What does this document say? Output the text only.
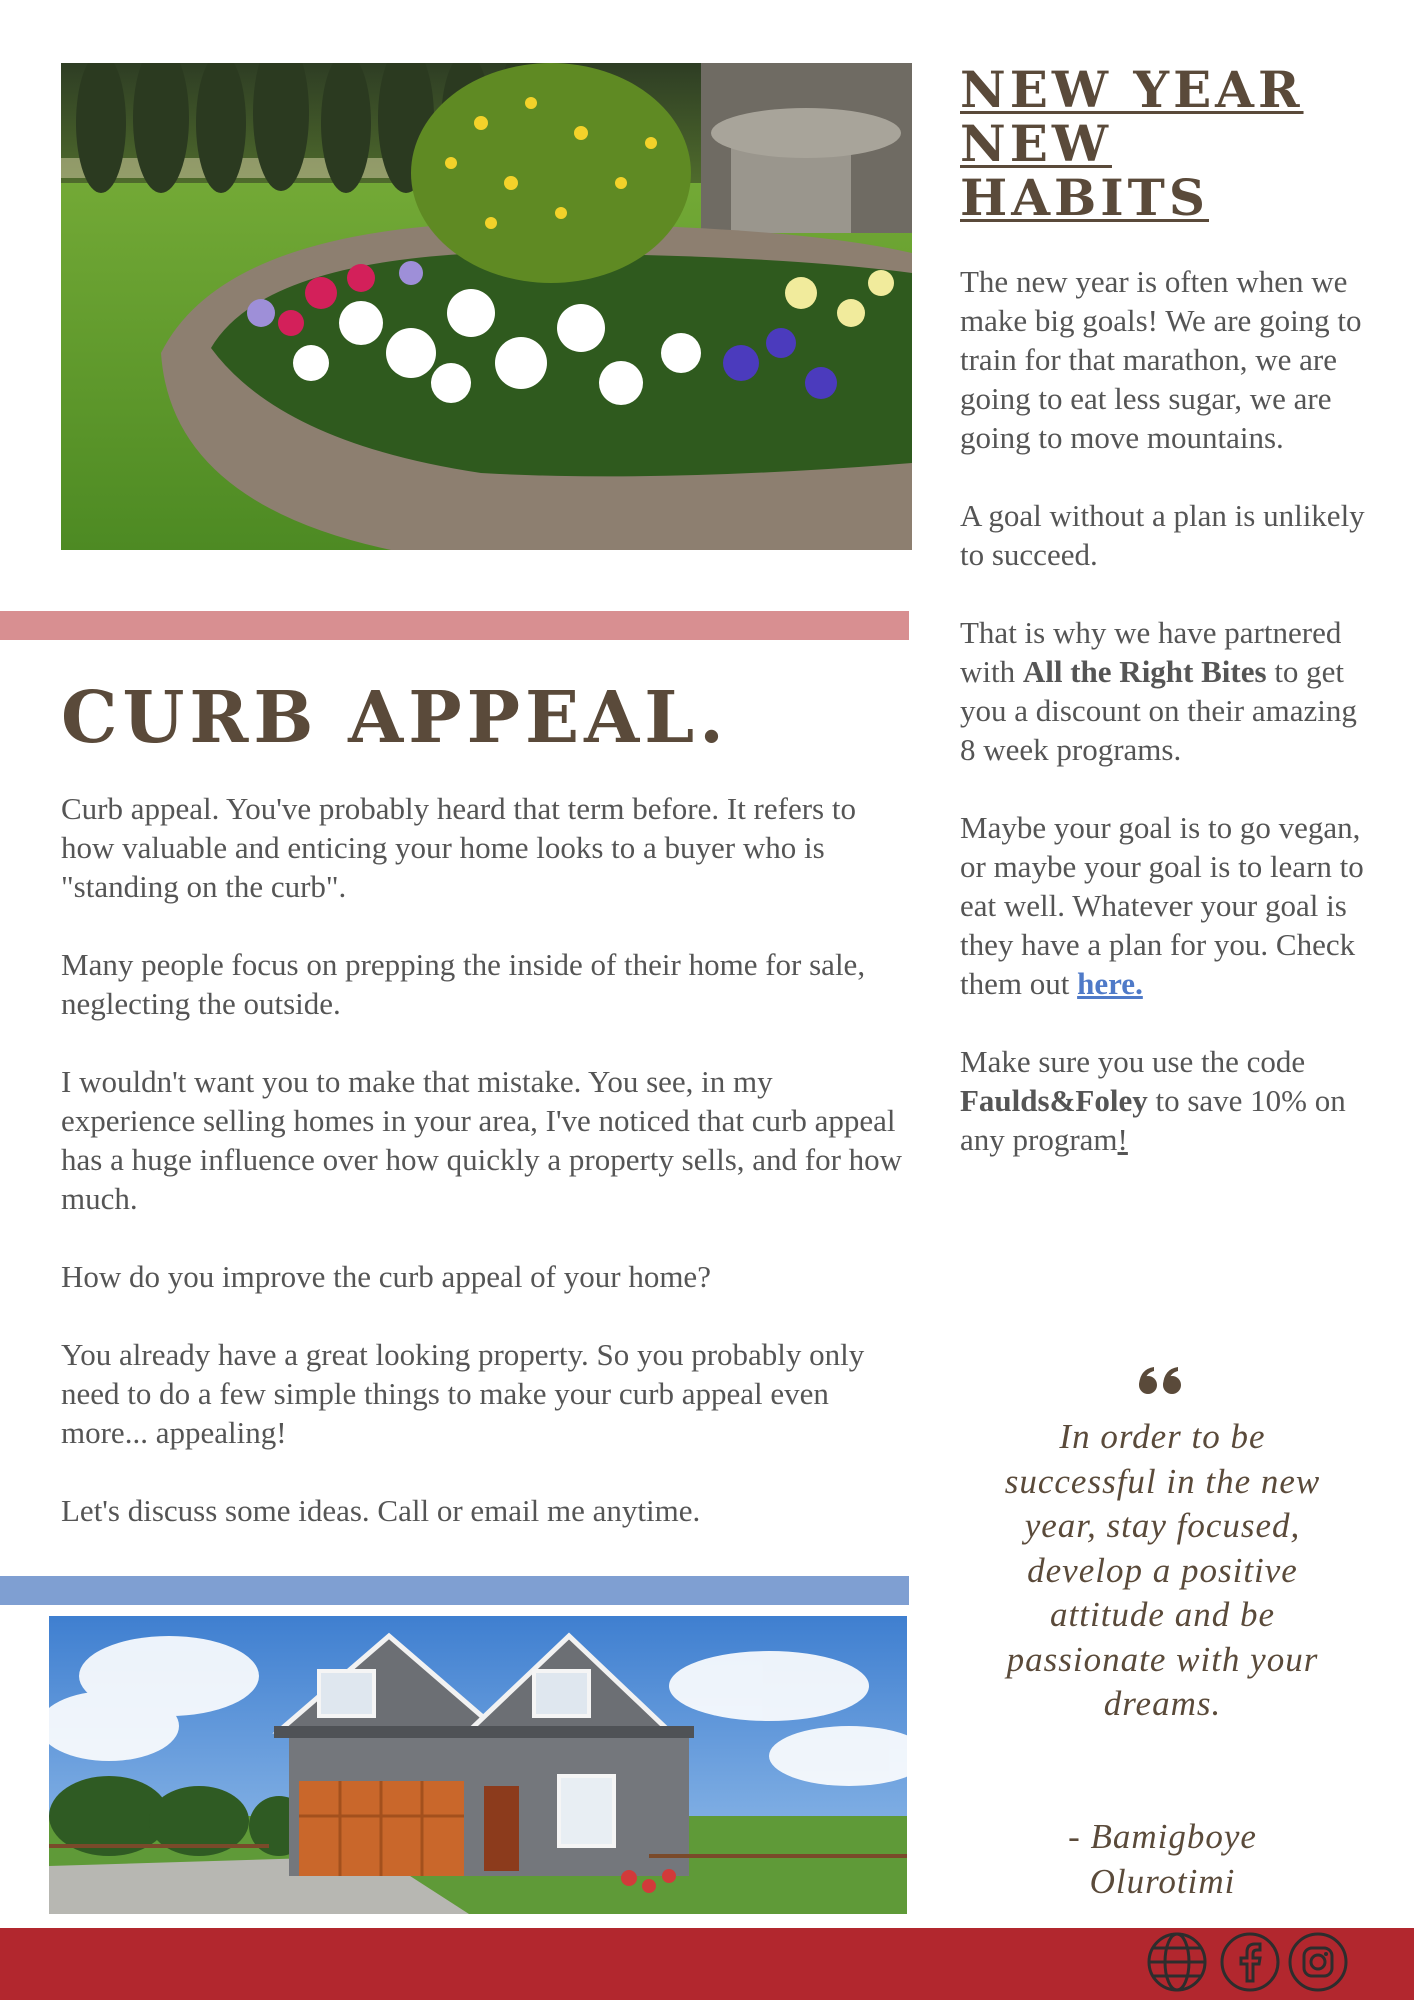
CURB APPEAL.

Curb appeal. You've probably heard that term before. It refers to how valuable and enticing your home looks to a buyer who is "standing on the curb".

Many people focus on prepping the inside of their home for sale, neglecting the outside.

I wouldn't want you to make that mistake. You see, in my experience selling homes in your area, I've noticed that curb appeal has a huge influence over how quickly a property sells, and for how much.

How do you improve the curb appeal of your home?

You already have a great looking property. So you probably only need to do a few simple things to make your curb appeal even more... appealing!

Let's discuss some ideas. Call or email me anytime.

NEW YEAR
NEW HABITS

The new year is often when we make big goals! We are going to train for that marathon, we are going to eat less sugar, we are going to move mountains.

A goal without a plan is unlikely to succeed.

That is why we have partnered with All the Right Bites to get you a discount on their amazing 8 week programs.

Maybe your goal is to go vegan, or maybe your goal is to learn to eat well. Whatever your goal is they have a plan for you. Check them out here.

Make sure you use the code Faulds&Foley to save 10% on any program!

In order to be successful in the new year, stay focused, develop a positive attitude and be passionate with your dreams.

- Bamigboye Olurotimi
